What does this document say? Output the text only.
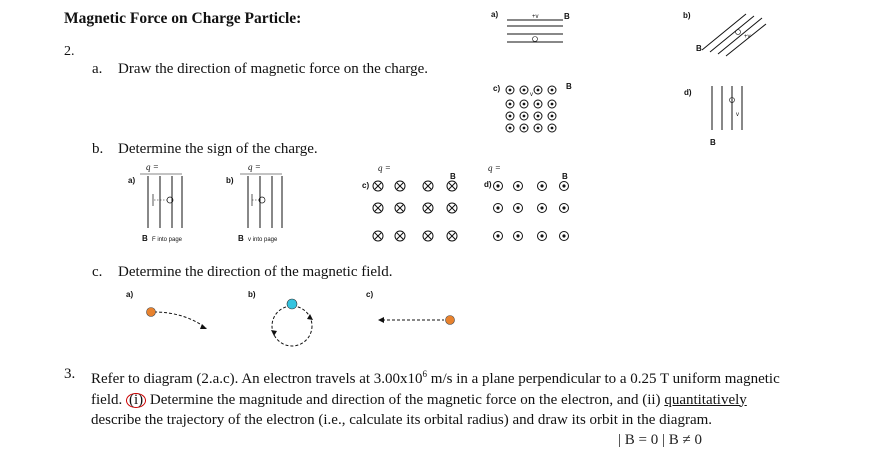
Magnetic Force on Charge Particle:
2.
a. Draw the direction of magnetic force on the charge.
b. Determine the sign of the charge.
a)
q =
B F into page
b)
q =
B v into page
c)
q =
B
d)
q =
B
a)	+v	B	b)
B
+v
c)	B
v	d)
B
v
c. Determine the direction of the magnetic field.
a)	b)	c)
3. Refer to diagram (2.a.c). An electron travels at $3.00x10^6$ m/s in a plane perpendicular to a 0.25 T uniform magnetic field. (i) Determine the magnitude and direction of the magnetic force on the electron, and (ii) quantitatively describe the trajectory of the electron (i.e., calculate its orbital radius) and draw its orbit in the diagram.
| B = 0 | B ≠ 0
